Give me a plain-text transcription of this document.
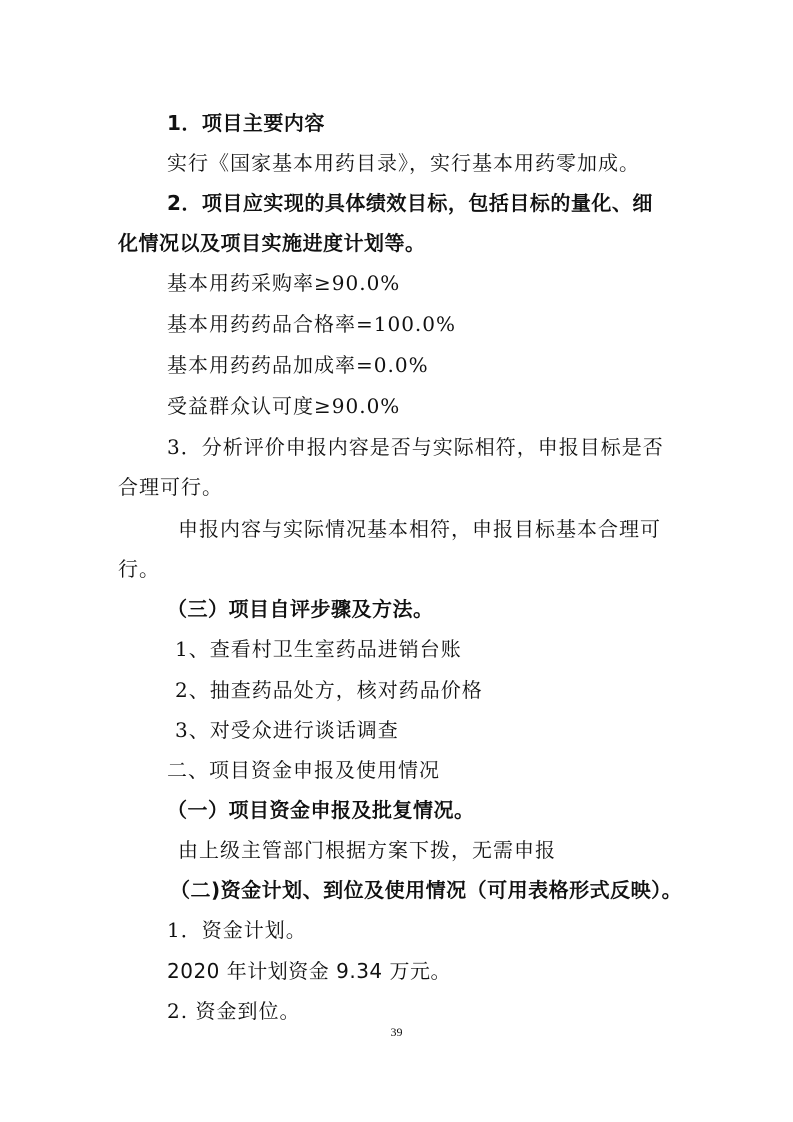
1．项目主要内容
实行《国家基本用药目录》，实行基本用药零加成。
2．项目应实现的具体绩效目标，包括目标的量化、细
化情况以及项目实施进度计划等。
基本用药采购率≥90.0%
基本用药药品合格率=100.0%
基本用药药品加成率=0.0%
受益群众认可度≥90.0%
3．分析评价申报内容是否与实际相符，申报目标是否
合理可行。
申报内容与实际情况基本相符，申报目标基本合理可
行。
（三）项目自评步骤及方法。
1、查看村卫生室药品进销台账
2、抽查药品处方，核对药品价格
3、对受众进行谈话调查
二、项目资金申报及使用情况
（一）项目资金申报及批复情况。
由上级主管部门根据方案下拨，无需申报
（二)资金计划、到位及使用情况（可用表格形式反映）。
1．资金计划。
2020 年计划资金 9.34 万元。
2. 资金到位。
39
